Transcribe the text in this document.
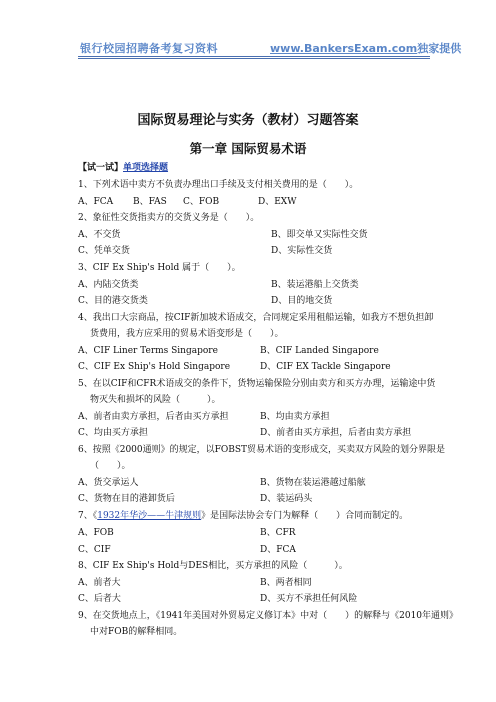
银行校园招聘备考复习资料	www.BankersExam.com独家提供
国际贸易理论与实务（教材）习题答案
第一章 国际贸易术语
【试一试】单项选择题
1、下列术语中卖方不负责办理出口手续及支付相关费用的是（　　）。
A、FCA B、FAS C、FOB	D、EXW
2、象征性交货指卖方的交货义务是（　　）。
A、不交货	B、即交单又实际性交货
C、凭单交货	D、实际性交货
3、CIF Ex Ship's Hold 属于（　　）。
A、内陆交货类	B、装运港船上交货类
C、目的港交货类	D、目的地交货
4、我出口大宗商品，按CIF新加坡术语成交，合同规定采用租船运输，如我方不想负担卸
货费用，我方应采用的贸易术语变形是（　　）。
A、CIF Liner Terms Singapore	B、CIF Landed Singapore
C、CIF Ex Ship's Hold Singapore	D、CIF EX Tackle Singapore
5、在以CIF和CFR术语成交的条件下，货物运输保险分别由卖方和买方办理，运输途中货
物灭失和损坏的风险（　　　）。
A、前者由卖方承担，后者由买方承担	B、均由卖方承担
C、均由买方承担	D、前者由买方承担，后者由卖方承担
6、按照《2000通则》的规定，以FOBST贸易术语的变形成交，买卖双方风险的划分界限是
（　　）。
A、货交承运人	B、货物在装运港越过船舷
C、货物在目的港卸货后	D、装运码头
7、《1932年华沙——牛津规则》是国际法协会专门为解释（　　）合同而制定的。
A、FOB	B、CFR
C、CIF	D、FCA
8、CIF Ex Ship's Hold与DES相比，买方承担的风险（　　　）。
A、前者大	B、两者相同
C、后者大	D、买方不承担任何风险
9、在交货地点上，《1941年美国对外贸易定义修订本》中对（　　）的解释与《2010年通则》
中对FOB的解释相同。
